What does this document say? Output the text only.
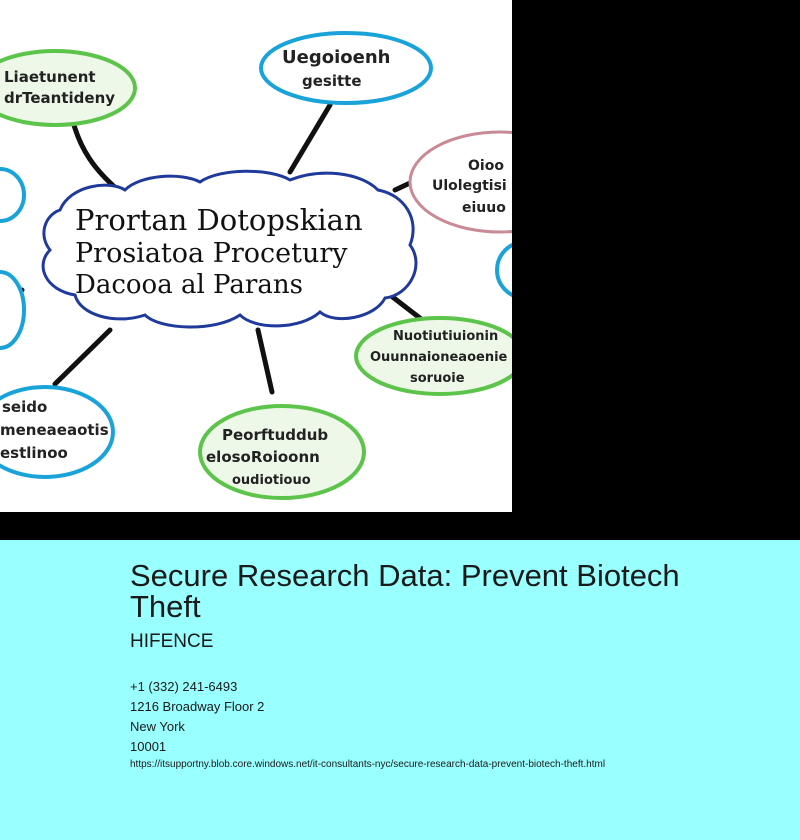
Prortan Dotopskian
Prosiatoa Procetury
Dacooa al Parans
Uegoioenh
gesitte
Liaetunent
drTeantideny
Oioo
Ulolegtisi
eiuuo
Nuotiutiuionin
Ouunnaioneaoenie
soruoie
Peorftuddub
elosoRoioonn
oudiotiouo
seido
meneaeaotis
estlinoo
Secure Research Data: Prevent Biotech Theft
HIFENCE
+1 (332) 241-6493
1216 Broadway Floor 2
New York
10001
https://itsupportny.blob.core.windows.net/it-consultants-nyc/secure-research-data-prevent-biotech-theft.html
